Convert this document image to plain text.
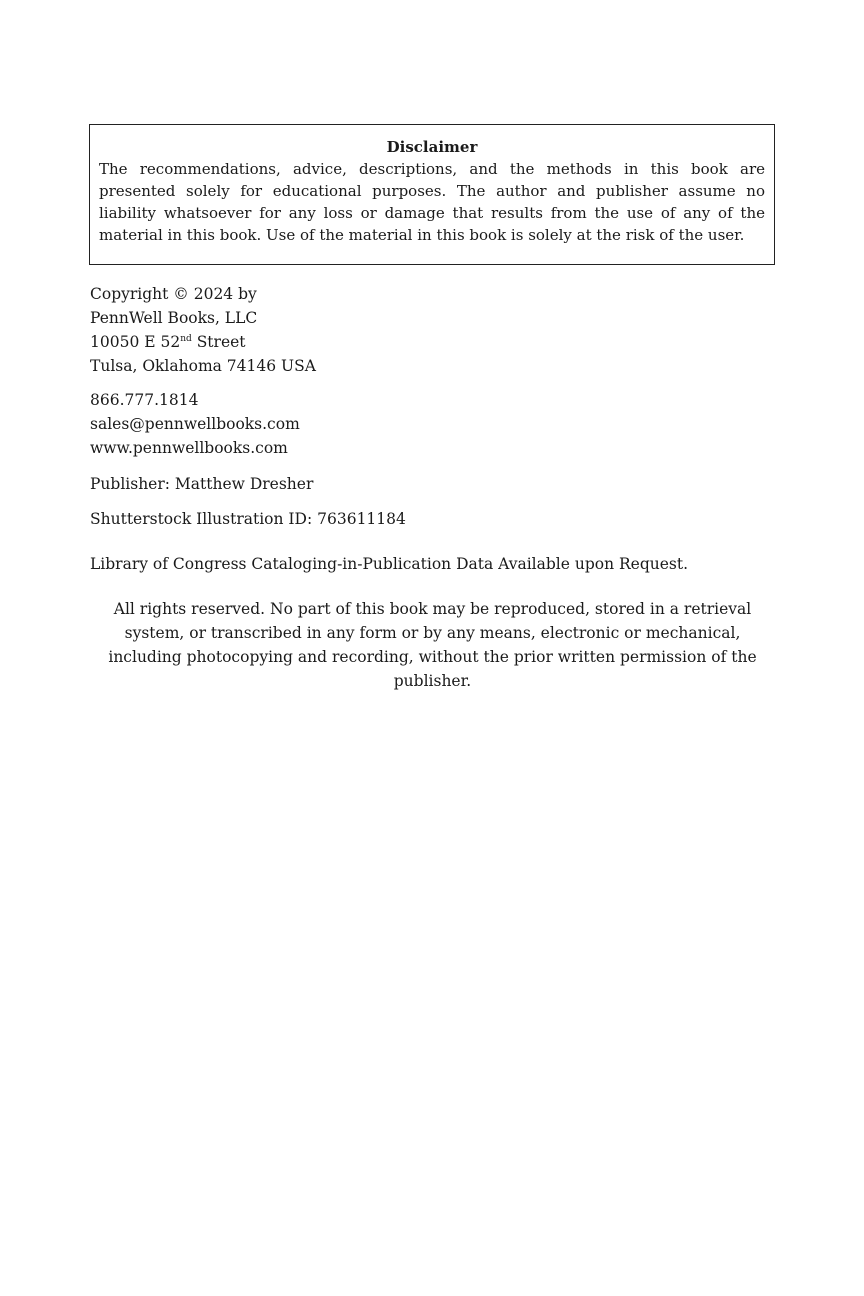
Disclaimer

The recommendations, advice, descriptions, and the methods in this book are presented solely for educational purposes. The author and publisher assume no liability whatsoever for any loss or damage that results from the use of any of the material in this book. Use of the material in this book is solely at the risk of the user.

Copyright © 2024 by
PennWell Books, LLC
10050 E 52nd Street
Tulsa, Oklahoma 74146 USA
866.777.1814
sales@pennwellbooks.com
www.pennwellbooks.com
Publisher: Matthew Dresher
Shutterstock Illustration ID: 763611184
Library of Congress Cataloging-in-Publication Data Available upon Request.
All rights reserved. No part of this book may be reproduced, stored in a retrieval system, or transcribed in any form or by any means, electronic or mechanical, including photocopying and recording, without the prior written permission of the publisher.
